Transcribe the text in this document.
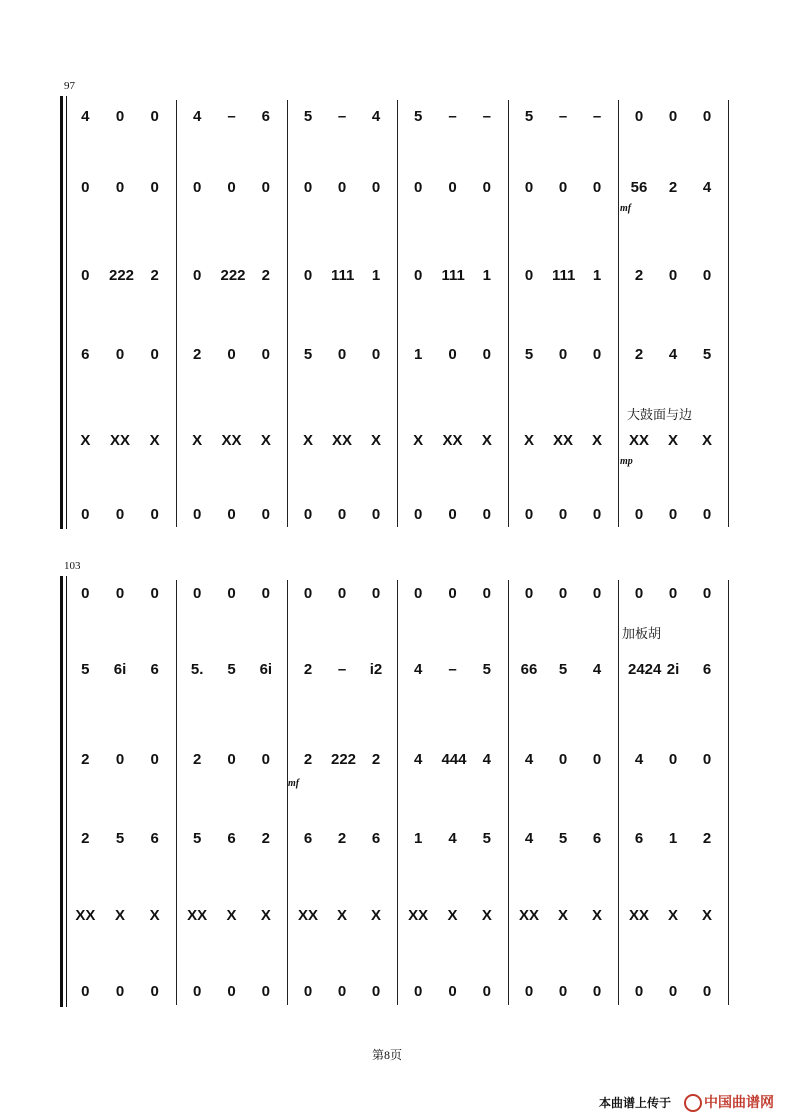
97
4	0	0	4	–	6	5	–	4	5	–	–	5	–	–	0	0	0
0	0	0	0	0	0	0	0	0	0	0	0	0	0	0	56	2	4
0	222	2	0	222	2	0	111	1	0	111	1	0	111	1	2	0	0
6	0	0	2	0	0	5	0	0	1	0	0	5	0	0	2	4	5
X	XX	X	X	XX	X	X	XX	X	X	XX	X	X	XX	X	XX	X	X
0	0	0	0	0	0	0	0	0	0	0	0	0	0	0	0	0	0
mf
大鼓面与边
mp
103
0	0	0	0	0	0	0	0	0	0	0	0	0	0	0	0	0	0
5	6i	6	5.	5	6i	2	–	i2	4	–	5	66	5	4	2424 2i	6
2	0	0	2	0	0	2	222	2	4	444	4	4	0	0	4	0	0
2	5	6	5	6	2	6	2	6	1	4	5	4	5	6	6	1	2
XX	X	X	XX	X	X	XX	X	X	XX	X	X	XX	X	X	XX	X	X
0	0	0	0	0	0	0	0	0	0	0	0	0	0	0	0	0	0
mf
加板胡
第8页
本曲谱上传于 中国曲谱网
